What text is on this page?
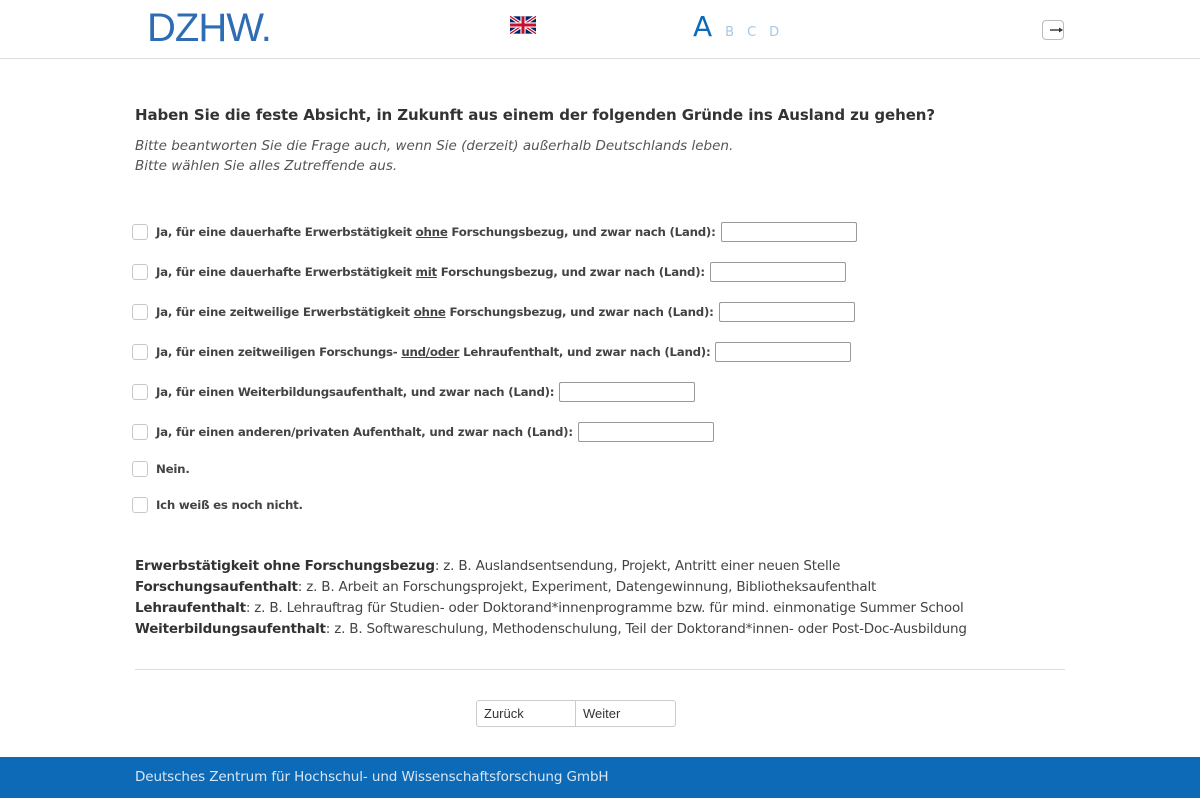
DZHW.	A B C D
Haben Sie die feste Absicht, in Zukunft aus einem der folgenden Gründe ins Ausland zu gehen?
Bitte beantworten Sie die Frage auch, wenn Sie (derzeit) außerhalb Deutschlands leben.
Bitte wählen Sie alles Zutreffende aus.
Ja, für eine dauerhafte Erwerbstätigkeit ohne Forschungsbezug, und zwar nach (Land):
Ja, für eine dauerhafte Erwerbstätigkeit mit Forschungsbezug, und zwar nach (Land):
Ja, für eine zeitweilige Erwerbstätigkeit ohne Forschungsbezug, und zwar nach (Land):
Ja, für einen zeitweiligen Forschungs- und/oder Lehraufenthalt, und zwar nach (Land):
Ja, für einen Weiterbildungsaufenthalt, und zwar nach (Land):
Ja, für einen anderen/privaten Aufenthalt, und zwar nach (Land):
Nein.
Ich weiß es noch nicht.
Erwerbstätigkeit ohne Forschungsbezug: z. B. Auslandsentsendung, Projekt, Antritt einer neuen Stelle
Forschungsaufenthalt: z. B. Arbeit an Forschungsprojekt, Experiment, Datengewinnung, Bibliotheksaufenthalt
Lehraufenthalt: z. B. Lehrauftrag für Studien- oder Doktorand*innenprogramme bzw. für mind. einmonatige Summer School
Weiterbildungsaufenthalt: z. B. Softwareschulung, Methodenschulung, Teil der Doktorand*innen- oder Post-Doc-Ausbildung
Zurück	Weiter
Deutsches Zentrum für Hochschul- und Wissenschaftsforschung GmbH
